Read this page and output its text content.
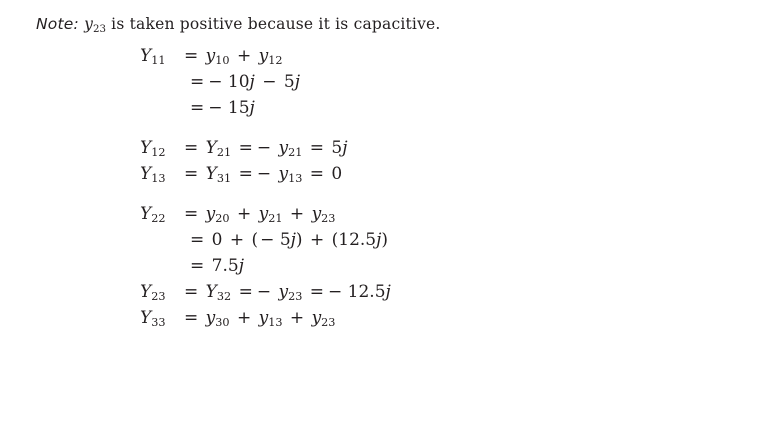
Note: $y_{23}$ is taken positive because it is capacitive.
$Y_{11}$	= $y_{10} + y_{12}$
= − 10j − 5j
= − 15j
$Y_{12}$	= $Y_{21}$ = − $y_{21} = 5j$
$Y_{13}$	= $Y_{31}$ = − $y_{13} = 0$
$Y_{22}$	= $y_{20} + y_{21} + y_{23}$
= 0 + ( − 5j) + (12.5j)
= 7.5j
$Y_{23}$	= $Y_{32}$ = − $y_{23}$ = − 12.5j
$Y_{33}$	= $y_{30} + y_{13} + y_{23}$
